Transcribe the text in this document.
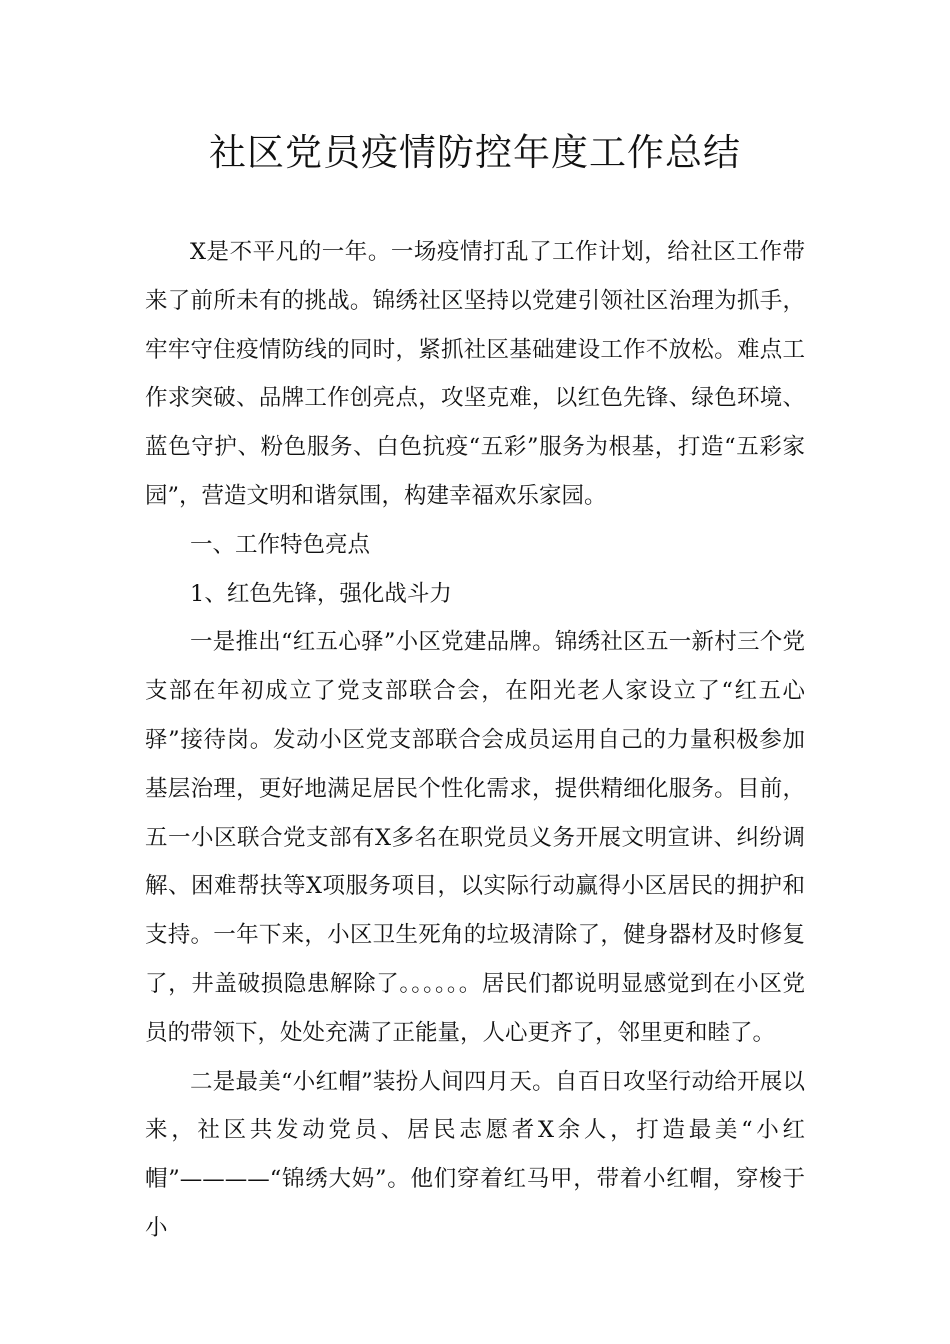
社区党员疫情防控年度工作总结

X是不平凡的一年。一场疫情打乱了工作计划，给社区工作带来了前所未有的挑战。锦绣社区坚持以党建引领社区治理为抓手，牢牢守住疫情防线的同时，紧抓社区基础建设工作不放松。难点工作求突破、品牌工作创亮点，攻坚克难，以红色先锋、绿色环境、蓝色守护、粉色服务、白色抗疫“五彩”服务为根基，打造“五彩家园”，营造文明和谐氛围，构建幸福欢乐家园。

一、工作特色亮点

1、红色先锋，强化战斗力

一是推出“红五心驿”小区党建品牌。锦绣社区五一新村三个党支部在年初成立了党支部联合会，在阳光老人家设立了“红五心驿”接待岗。发动小区党支部联合会成员运用自己的力量积极参加基层治理，更好地满足居民个性化需求，提供精细化服务。目前，五一小区联合党支部有X多名在职党员义务开展文明宣讲、纠纷调解、困难帮扶等X项服务项目，以实际行动赢得小区居民的拥护和支持。一年下来，小区卫生死角的垃圾清除了，健身器材及时修复了，井盖破损隐患解除了。。。。。。居民们都说明显感觉到在小区党员的带领下，处处充满了正能量，人心更齐了，邻里更和睦了。

二是最美“小红帽”装扮人间四月天。自百日攻坚行动给开展以来，社区共发动党员、居民志愿者X余人，打造最美“小红帽”————“锦绣大妈”。他们穿着红马甲，带着小红帽，穿梭于小
